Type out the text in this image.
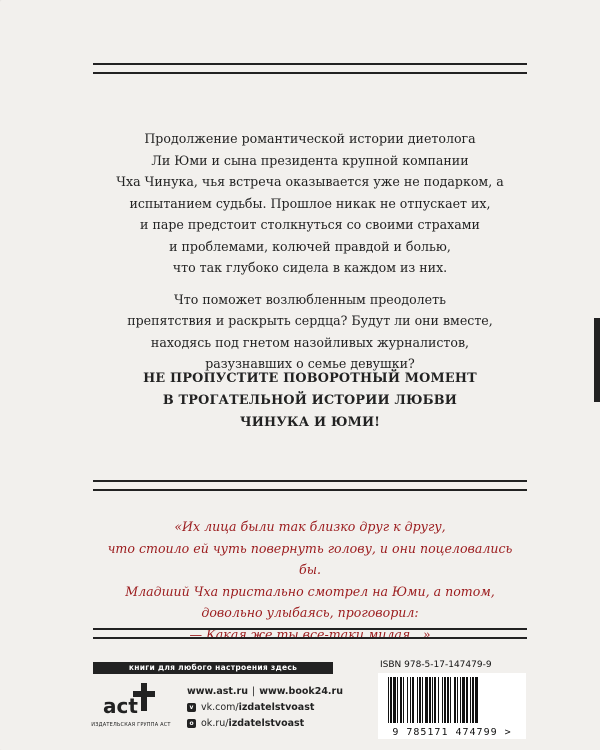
Продолжение романтической истории диетолога
Ли Юми и сына президента крупной компании
Чха Чинука, чья встреча оказывается уже не подарком, а
испытанием судьбы. Прошлое никак не отпускает их,
и паре предстоит столкнуться со своими страхами
и проблемами, колючей правдой и болью,
что так глубоко сидела в каждом из них.

Что поможет возлюбленным преодолеть
препятствия и раскрыть сердца? Будут ли они вместе,
находясь под гнетом назойливых журналистов,
разузнавших о семье девушки?

НЕ ПРОПУСТИТЕ ПОВОРОТНЫЙ МОМЕНТ
В ТРОГАТЕЛЬНОЙ ИСТОРИИ ЛЮБВИ
ЧИНУКА И ЮМИ!
«Их лица были так близко друг к другу,
что стоило ей чуть повернуть голову, и они поцеловались бы.
Младший Чха пристально смотрел на Юми, а потом,
довольно улыбаясь, проговорил:
— Какая же ты все-таки милая…»
книги для любого настроения здесь
act
ИЗДАТЕЛЬСКАЯ ГРУППА АСТ
www.ast.ru | www.book24.ru
v vk.com/ izdatelstvoast
o ok.ru/ izdatelstvoast
ISBN 978-5-17-147479-9
9 785171 474799 >
